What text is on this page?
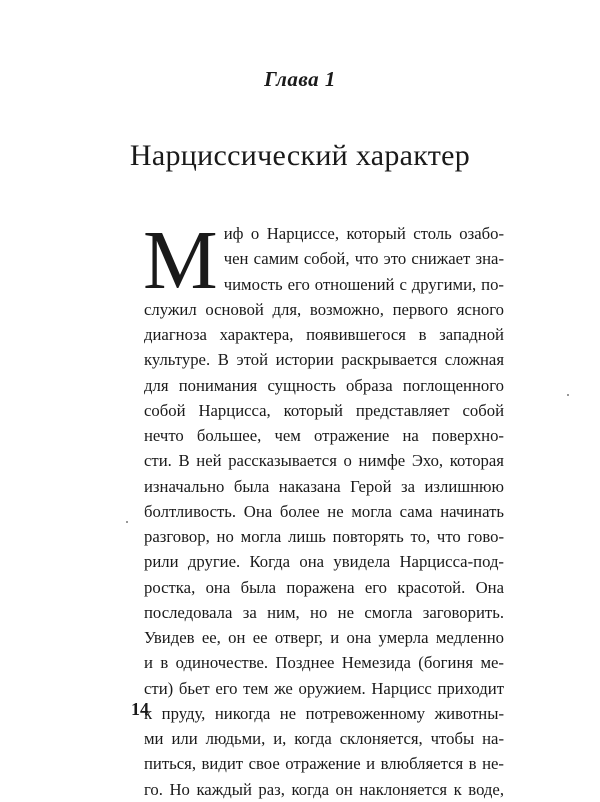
Глава 1
Нарциссический характер
М иф о Нарциссе, который столь озабо-
чен самим собой, что это снижает зна-
чимость его отношений с другими, по-
служил основой для, возможно, первого ясного
диагноза характера, появившегося в западной
культуре. В этой истории раскрывается сложная
для понимания сущность образа поглощенного
собой Нарцисса, который представляет собой
нечто большее, чем отражение на поверхно-
сти. В ней рассказывается о нимфе Эхо, которая
изначально была наказана Герой за излишнюю
болтливость. Она более не могла сама начинать
разговор, но могла лишь повторять то, что гово-
рили другие. Когда она увидела Нарцисса-под-
ростка, она была поражена его красотой. Она
последовала за ним, но не смогла заговорить.
Увидев ее, он ее отверг, и она умерла медленно
и в одиночестве. Позднее Немезида (богиня ме-
сти) бьет его тем же оружием. Нарцисс приходит
к пруду, никогда не потревоженному животны-
ми или людьми, и, когда склоняется, чтобы на-
питься, видит свое отражение и влюбляется в не-
го. Но каждый раз, когда он наклоняется к воде,
14
